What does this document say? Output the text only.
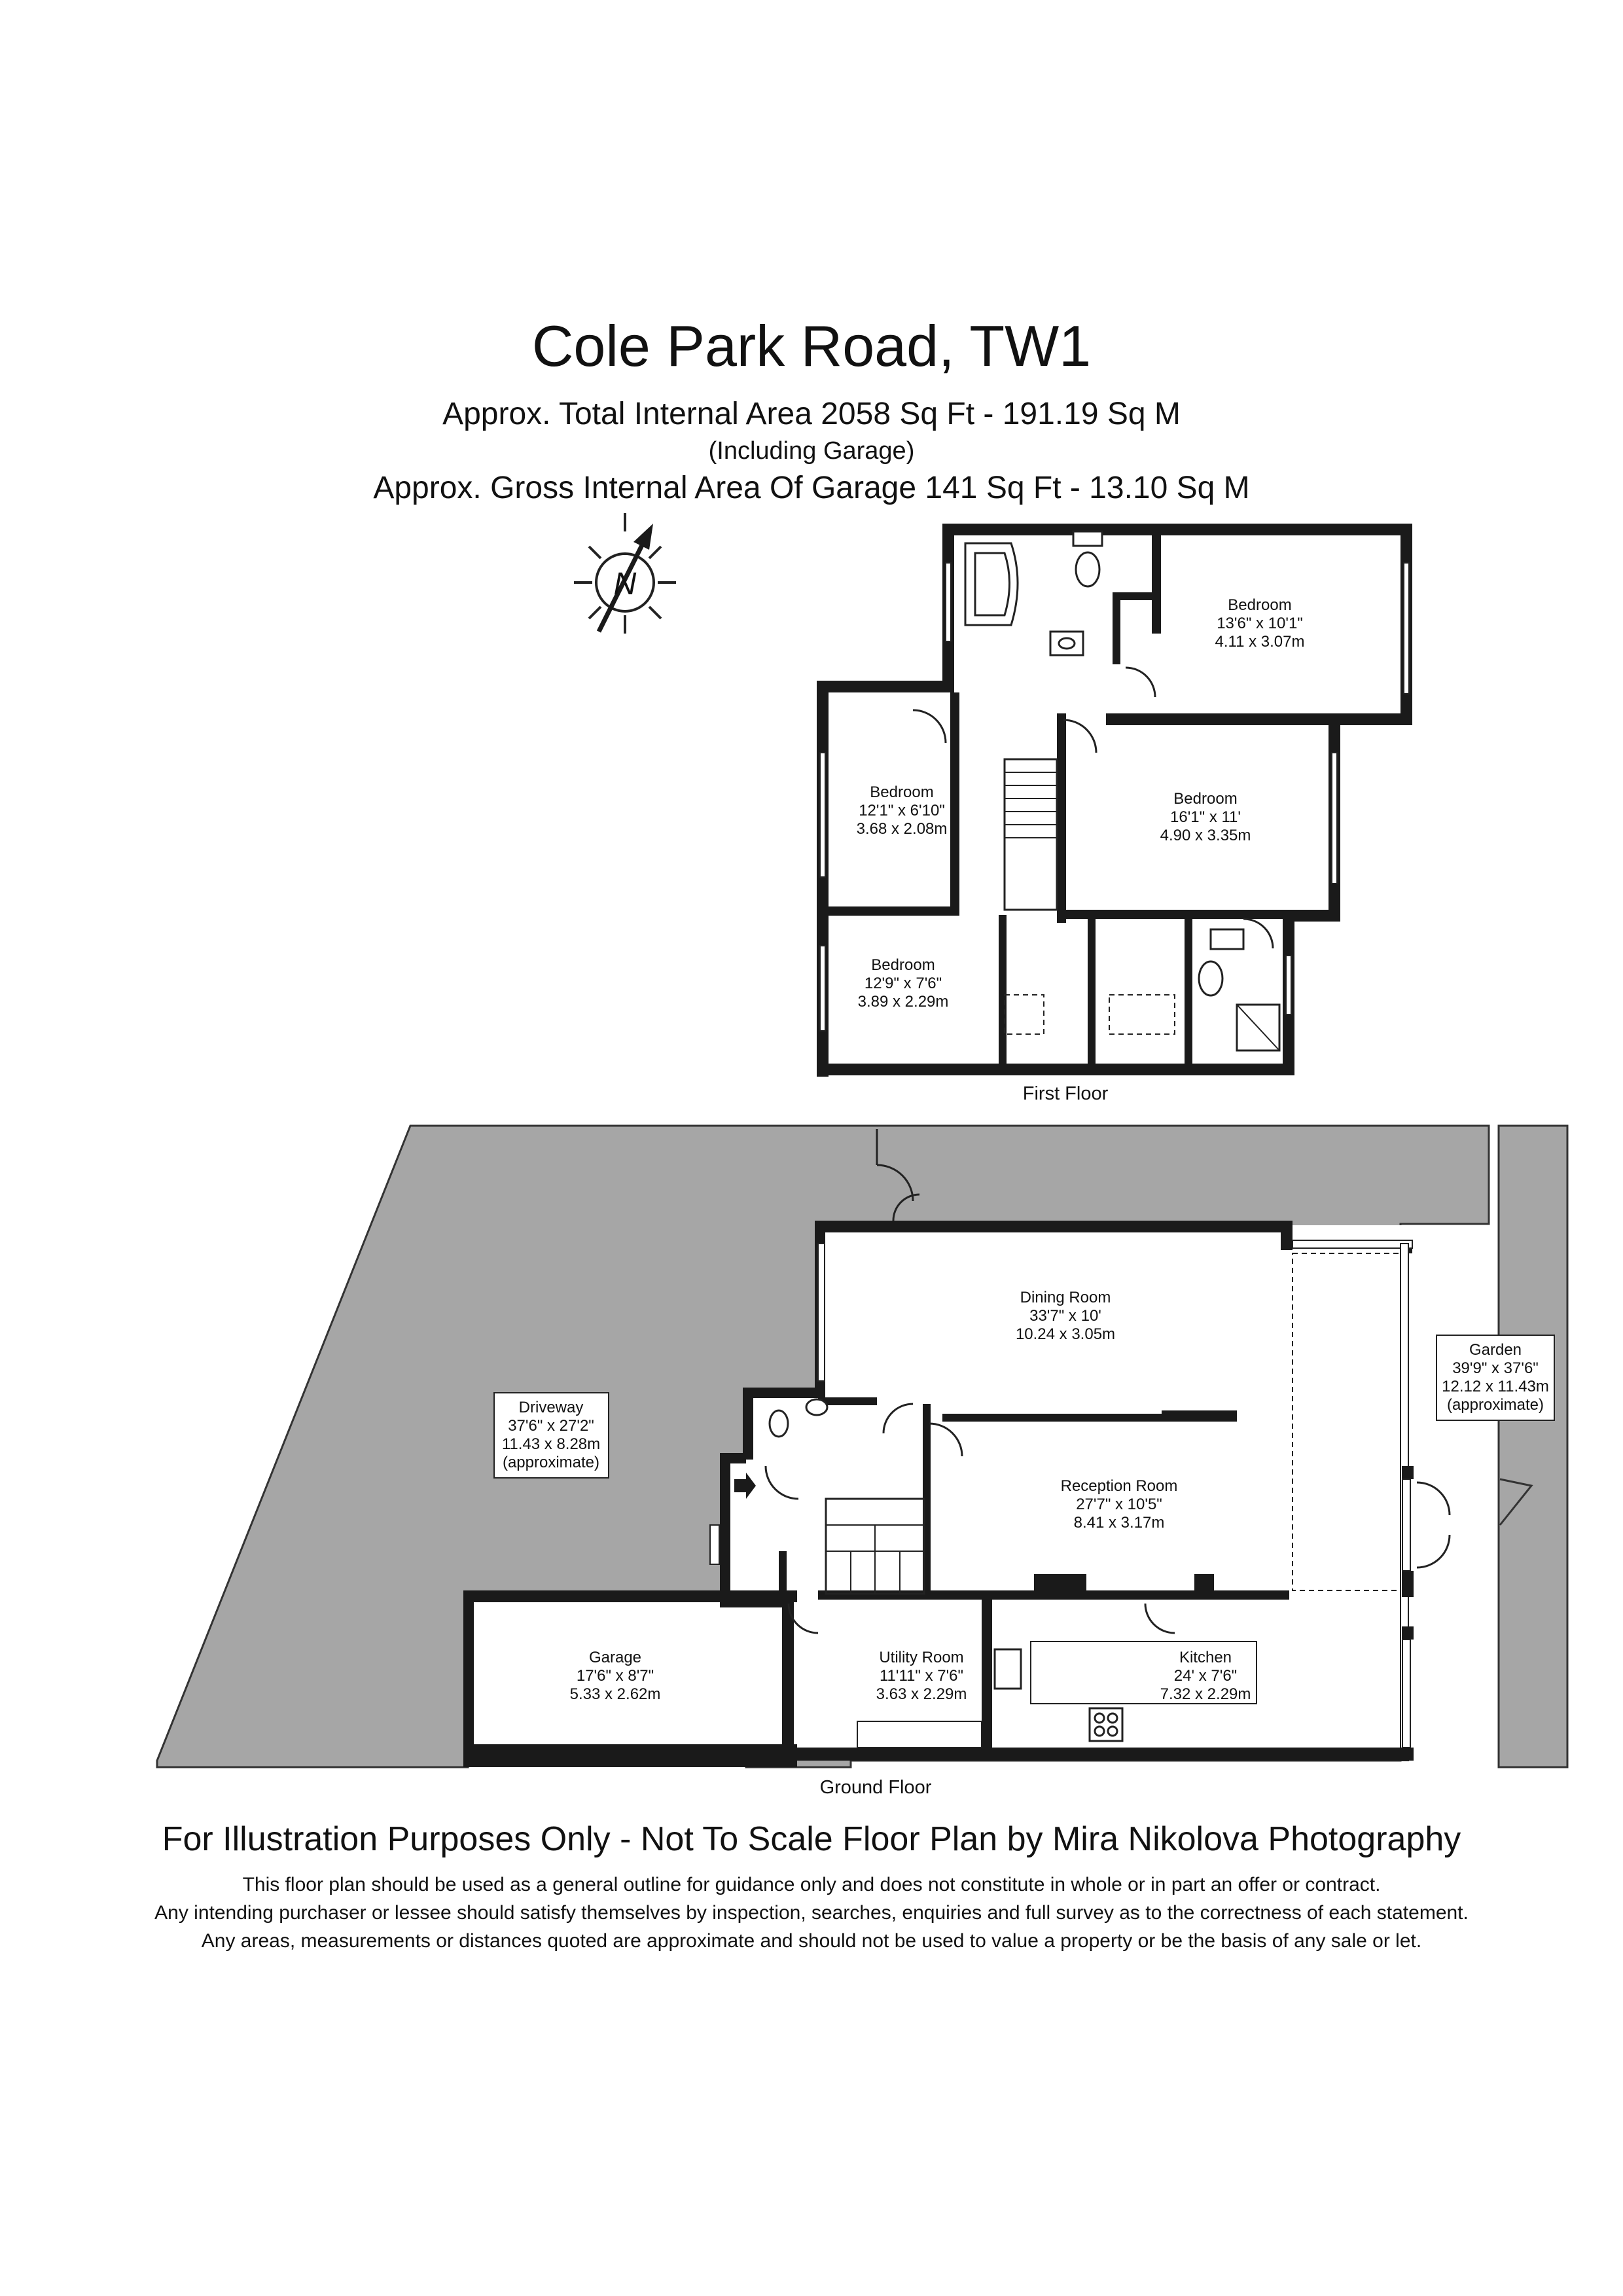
Cole Park Road, TW1
Approx. Total Internal Area 2058 Sq Ft - 191.19 Sq M
(Including Garage)
Approx. Gross Internal Area Of Garage 141 Sq Ft - 13.10 Sq M
N
Bedroom
13'6" x 10'1"
4.11 x 3.07m
Bedroom
12'1" x 6'10"
3.68 x 2.08m
Bedroom
16'1" x 11'
4.90 x 3.35m
Bedroom
12'9" x 7'6"
3.89 x 2.29m
First Floor
Dining Room
33'7" x 10'
10.24 x 3.05m
Reception Room
27'7" x 10'5"
8.41 x 3.17m
Kitchen
24' x 7'6"
7.32 x 2.29m
Utility Room
11'11" x 7'6"
3.63 x 2.29m
Garage
17'6" x 8'7"
5.33 x 2.62m
Driveway
37'6" x 27'2"
11.43 x 8.28m
(approximate)
Garden
39'9" x 37'6"
12.12 x 11.43m
(approximate)
Ground Floor
For Illustration Purposes Only - Not To Scale Floor Plan by Mira Nikolova Photography
This floor plan should be used as a general outline for guidance only and does not constitute in whole or in part an offer or contract.
Any intending purchaser or lessee should satisfy themselves by inspection, searches, enquiries and full survey as to the correctness of each statement.
Any areas, measurements or distances quoted are approximate and should not be used to value a property or be the basis of any sale or let.
